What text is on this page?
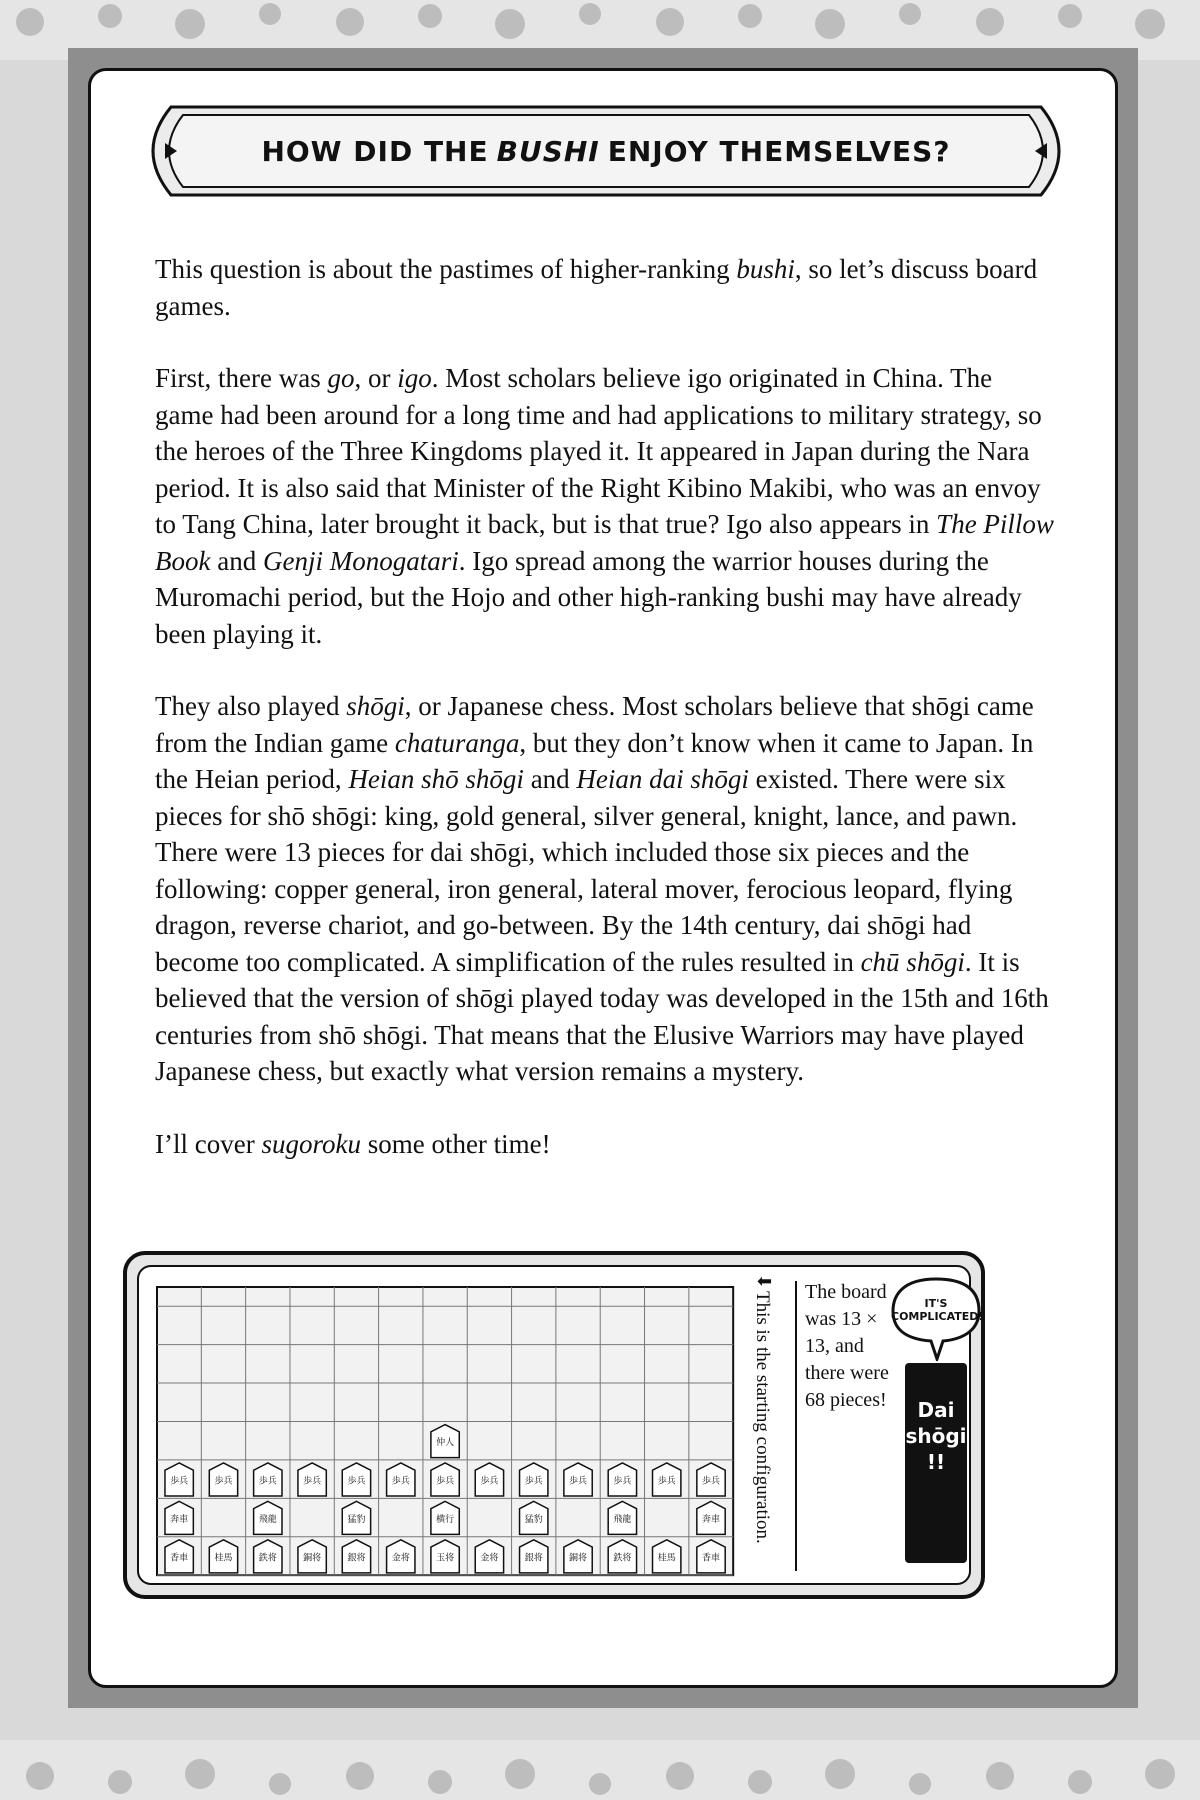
HOW DID THE BUSHI ENJOY THEMSELVES?

This question is about the pastimes of higher-ranking bushi, so let’s discuss board games.

First, there was go, or igo. Most scholars believe igo originated in China. The game had been around for a long time and had applications to military strategy, so the heroes of the Three Kingdoms played it. It appeared in Japan during the Nara period. It is also said that Minister of the Right Kibino Makibi, who was an envoy to Tang China, later brought it back, but is that true? Igo also appears in The Pillow Book and Genji Monogatari. Igo spread among the warrior houses during the Muromachi period, but the Hojo and other high-ranking bushi may have already been playing it.

They also played shōgi, or Japanese chess. Most scholars believe that shōgi came from the Indian game chaturanga, but they don’t know when it came to Japan. In the Heian period, Heian shō shōgi and Heian dai shōgi existed. There were six pieces for shō shōgi: king, gold general, silver general, knight, lance, and pawn. There were 13 pieces for dai shōgi, which included those six pieces and the following: copper general, iron general, lateral mover, ferocious leopard, flying dragon, reverse chariot, and go-between. By the 14th century, dai shōgi had become too complicated. A simplification of the rules resulted in chū shōgi. It is believed that the version of shōgi played today was developed in the 15th and 16th centuries from shō shōgi. That means that the Elusive Warriors may have played Japanese chess, but exactly what version remains a mystery.

I’ll cover sugoroku some other time!

仲人
歩兵	歩兵	歩兵	歩兵	歩兵	歩兵	歩兵	歩兵	歩兵	歩兵	歩兵	歩兵	歩兵
奔車	飛龍	猛豹	横行	猛豹	飛龍	奔車
香車	桂馬	鉄将	銅将	銀将	金将	玉将	金将	銀将	銅将	鉄将	桂馬	香車
⬅
This is the starting configuration. The board was 13 × 13, and there were 68 pieces!
IT'S COMPLICATED!
Dai shōgi !!
